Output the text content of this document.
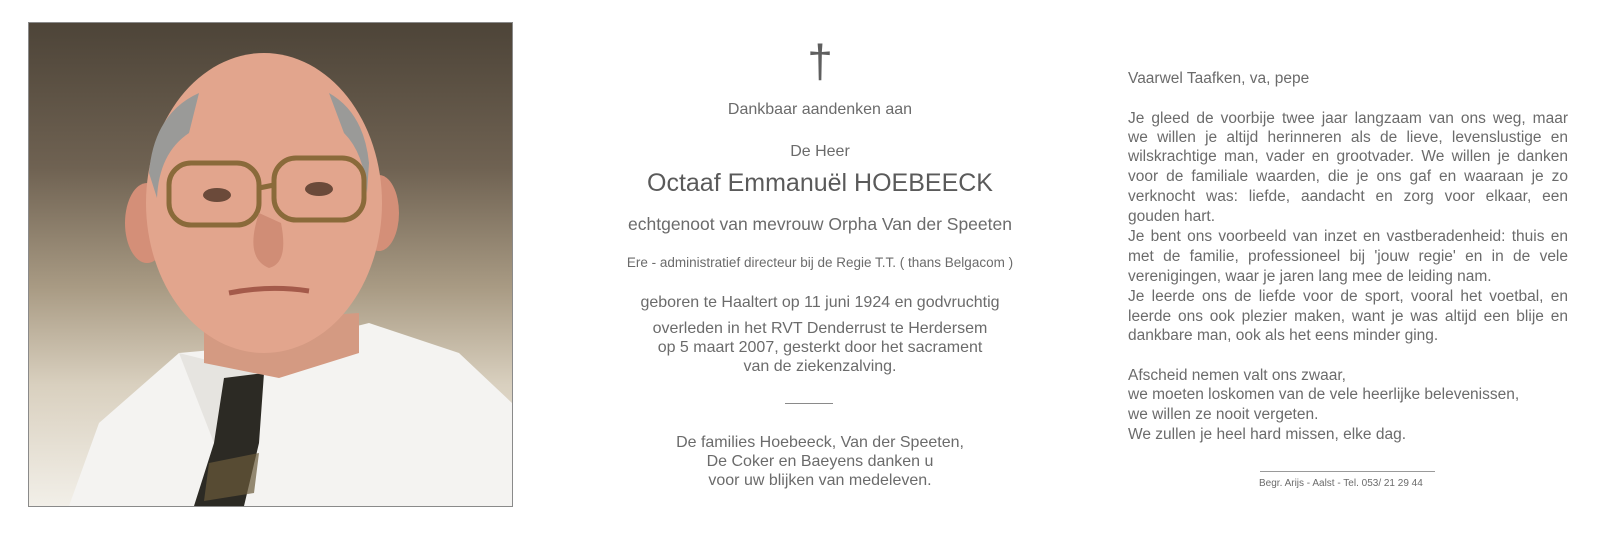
†
Dankbaar aandenken aan
De Heer
Octaaf Emmanuël HOEBEECK
echtgenoot van mevrouw Orpha Van der Speeten
Ere - administratief directeur bij de Regie T.T. ( thans Belgacom )
geboren te Haaltert op 11 juni 1924 en godvruchtig
overleden in het RVT Denderrust te Herdersem
op 5 maart 2007, gesterkt door het sacrament
van de ziekenzalving.
De families Hoebeeck, Van der Speeten,
De Coker en Baeyens danken u
voor uw blijken van medeleven.
Vaarwel Taafken, va, pepe
Je gleed de voorbije twee jaar langzaam van ons weg, maar
we willen je altijd herinneren als de lieve, levenslustige en
wilskrachtige man, vader en grootvader. We willen je danken
voor de familiale waarden, die je ons gaf en waaraan je zo
verknocht was: liefde, aandacht en zorg voor elkaar, een
gouden hart.
Je bent ons voorbeeld van inzet en vastberadenheid: thuis en
met de familie, professioneel bij 'jouw regie' en in de vele
verenigingen, waar je jaren lang mee de leiding nam.
Je leerde ons de liefde voor de sport, vooral het voetbal, en
leerde ons ook plezier maken, want je was altijd een blije en
dankbare man, ook als het eens minder ging.
Afscheid nemen valt ons zwaar,
we moeten loskomen van de vele heerlijke belevenissen,
we willen ze nooit vergeten.
We zullen je heel hard missen, elke dag.
Begr. Arijs - Aalst - Tel. 053/ 21 29 44
